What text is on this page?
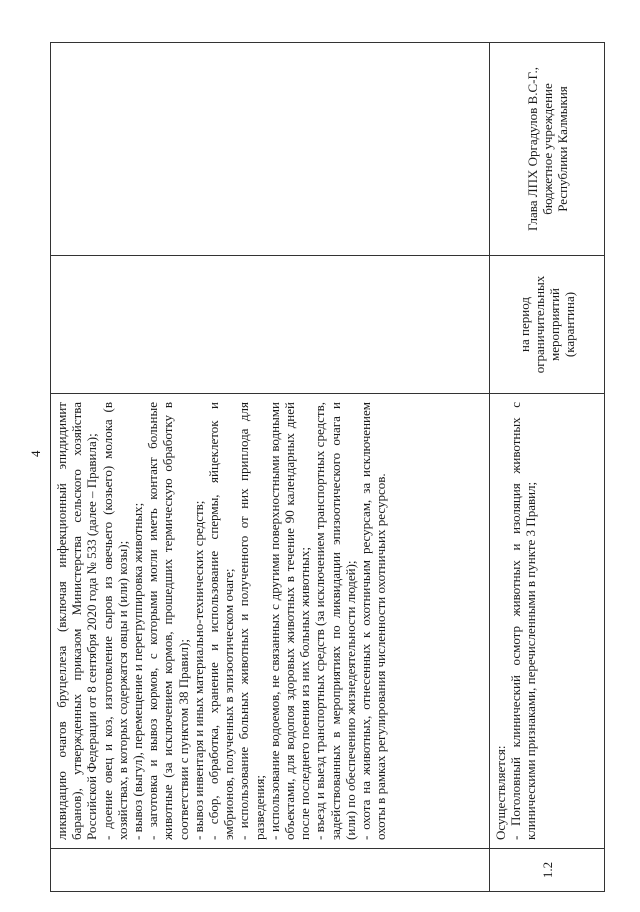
ликвидацию очагов бруцеллеза (включая инфекционный эпидидимит баранов), утвержденных приказом Министерства сельского хозяйства Российской Федерации от 8 сентября 2020 года № 533 (далее – Правила); - доение овец и коз, изготовление сыров из овечьего (козьего) молока (в хозяйствах, в которых содержатся овцы и (или) козы); - вывоз (выгул), перемещение и перегруппировка животных; - заготовка и вывоз кормов, с которыми могли иметь контакт больные животные (за исключением кормов, прошедших термическую обработку в соответствии с пунктом 38 Правил); - вывоз инвентаря и иных материально-технических средств; - сбор, обработка, хранение и использование спермы, яйцеклеток и эмбрионов, полученных в эпизоотическом очаге; - использование больных животных и полученного от них приплода для разведения; - использование водоемов, не связанных с другими поверхностными водными объектами, для водопоя здоровых животных в течение 90 календарных дней после последнего поения из них больных животных; - въезд и выезд транспортных средств (за исключением транспортных средств, задействованных в мероприятиях по ликвидации эпизоотического очага и (или) по обеспечению жизнедеятельности людей); - охота на животных, отнесенных к охотничьим ресурсам, за исключением охоты в рамках регулирования численности охотничьих ресурсов.

1.2

Осуществляется: - Поголовный клинический осмотр животных и изоляция животных с клиническими признаками, перечисленными в пункте 3 Правил;

на период ограничительных мероприятий (карантина)
Глава ЛПХ Оргадулов В.С-Г., бюджетное учреждение Республики Калмыкия
4
